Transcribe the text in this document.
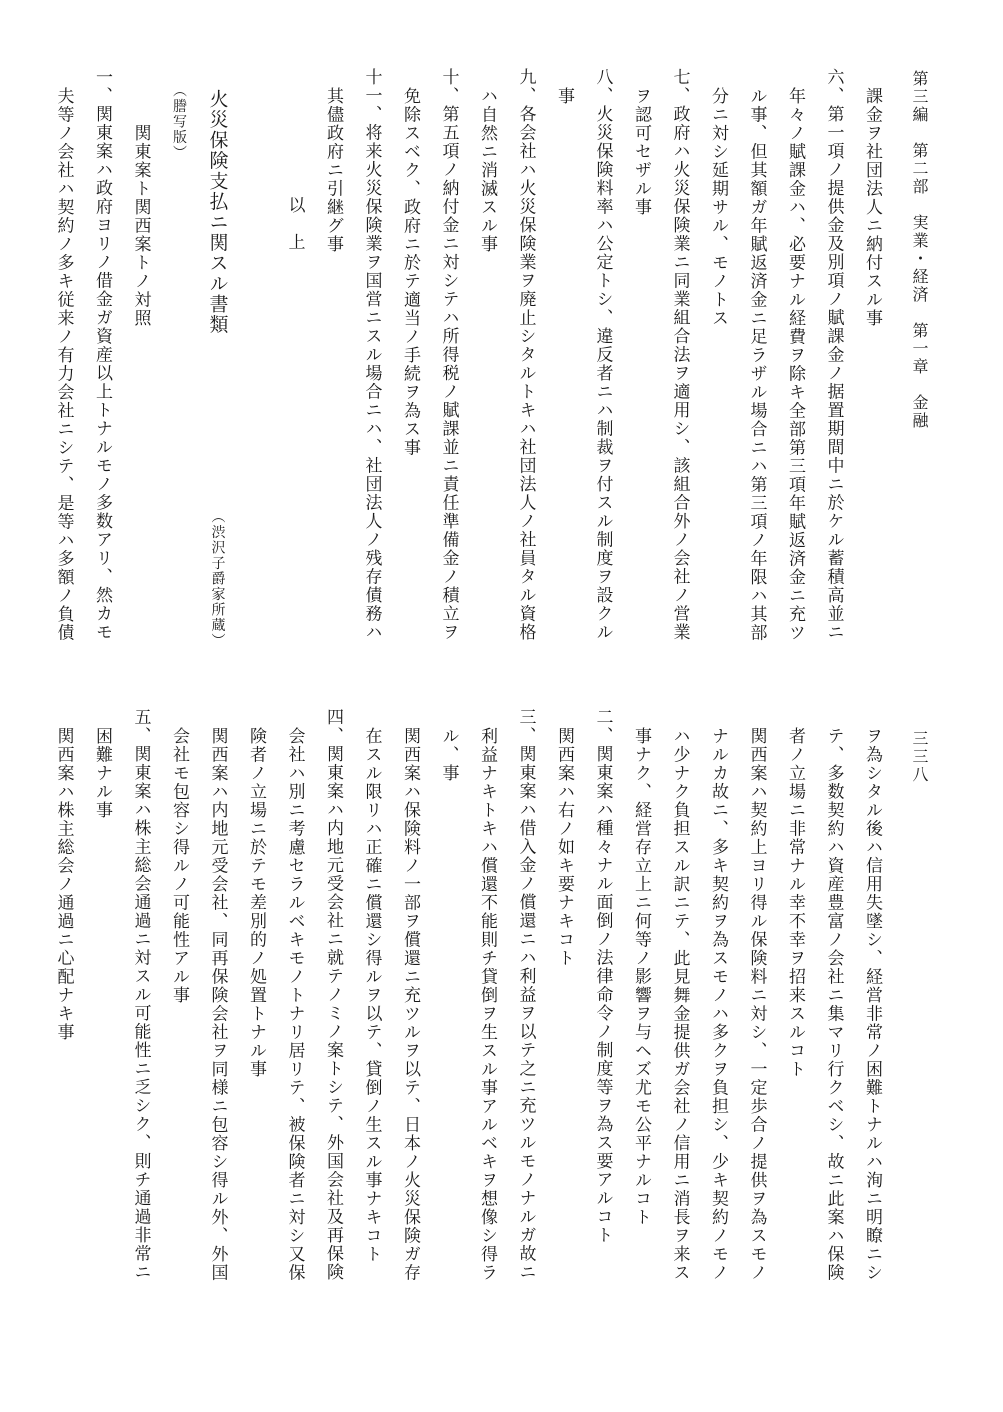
第三編　第二部　実業・経済　第一章　金融
三三八
課金ヲ社団法人ニ納付スル事
六、第一項ノ提供金及別項ノ賦課金ノ据置期間中ニ於ケル蓄積高並ニ
年々ノ賦課金ハ、必要ナル経費ヲ除キ全部第三項年賦返済金ニ充ツ
ル事、但其額ガ年賦返済金ニ足ラザル場合ニハ第三項ノ年限ハ其部
分ニ対シ延期サル、モノトス
七、政府ハ火災保険業ニ同業組合法ヲ適用シ、該組合外ノ会社ノ営業
ヲ認可セザル事
八、火災保険料率ハ公定トシ、違反者ニハ制裁ヲ付スル制度ヲ設クル
事
九、各会社ハ火災保険業ヲ廃止シタルトキハ社団法人ノ社員タル資格
ハ自然ニ消滅スル事
十、第五項ノ納付金ニ対シテハ所得税ノ賦課並ニ責任準備金ノ積立ヲ
免除スベク、政府ニ於テ適当ノ手続ヲ為ス事
十一、将来火災保険業ヲ国営ニスル場合ニハ、社団法人ノ残存債務ハ
其儘政府ニ引継グ事
以　上

火災保険支払ニ関スル書類
（渋沢子爵家所蔵）
（謄写版）
関東案ト関西案トノ対照
一、関東案ハ政府ヨリノ借金ガ資産以上トナルモノ多数アリ、然カモ
夫等ノ会社ハ契約ノ多キ従来ノ有力会社ニシテ、是等ハ多額ノ負債
ヲ為シタル後ハ信用失墜シ、経営非常ノ困難トナルハ洵ニ明瞭ニシ
テ、多数契約ハ資産豊富ノ会社ニ集マリ行クベシ、故ニ此案ハ保険
者ノ立場ニ非常ナル幸不幸ヲ招来スルコト
関西案ハ契約上ヨリ得ル保険料ニ対シ、一定歩合ノ提供ヲ為スモノ
ナルカ故ニ、多キ契約ヲ為スモノハ多クヲ負担シ、少キ契約ノモノ
ハ少ナク負担スル訳ニテ、此見舞金提供ガ会社ノ信用ニ消長ヲ来ス
事ナク、経営存立上ニ何等ノ影響ヲ与ヘズ尤モ公平ナルコト
二、関東案ハ種々ナル面倒ノ法律命令ノ制度等ヲ為ス要アルコト
関西案ハ右ノ如キ要ナキコト
三、関東案ハ借入金ノ償還ニハ利益ヲ以テ之ニ充ツルモノナルガ故ニ
利益ナキトキハ償還不能則チ貸倒ヲ生スル事アルベキヲ想像シ得ラ
ル、事
関西案ハ保険料ノ一部ヲ償還ニ充ツルヲ以テ、日本ノ火災保険ガ存
在スル限リハ正確ニ償還シ得ルヲ以テ、貸倒ノ生スル事ナキコト
四、関東案ハ内地元受会社ニ就テノミノ案トシテ、外国会社及再保険
会社ハ別ニ考慮セラルベキモノトナリ居リテ、被保険者ニ対シ又保
険者ノ立場ニ於テモ差別的ノ処置トナル事
関西案ハ内地元受会社、同再保険会社ヲ同様ニ包容シ得ル外、外国
会社モ包容シ得ルノ可能性アル事
五、関東案ハ株主総会通過ニ対スル可能性ニ乏シク、則チ通過非常ニ
困難ナル事
関西案ハ株主総会ノ通過ニ心配ナキ事
